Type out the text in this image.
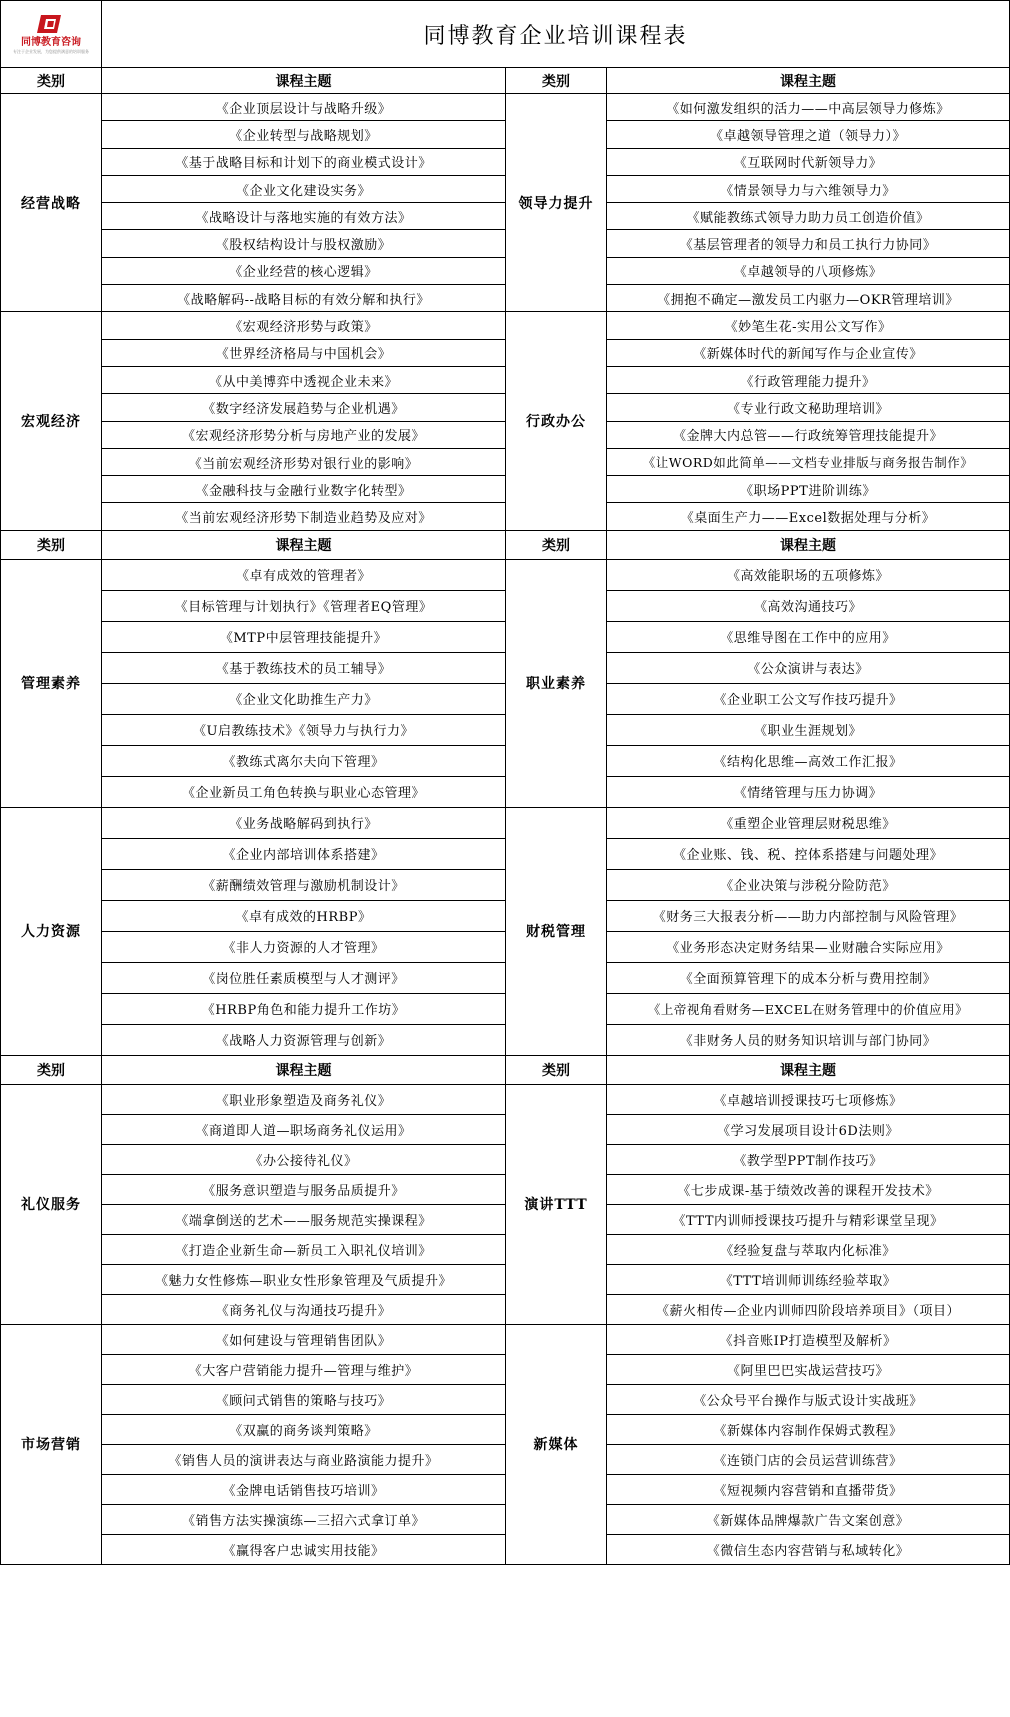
同博教育咨询
专注于企业发展，为您提供满意的培训服务	同博教育企业培训课程表		
类别	课程主题	类别	课程主题
经营战略	《企业顶层设计与战略升级》	领导力提升	《如何激发组织的活力——中高层领导力修炼》
	《企业转型与战略规划》		《卓越领导管理之道（领导力）》
	《基于战略目标和计划下的商业模式设计》		《互联网时代新领导力》
	《企业文化建设实务》		《情景领导力与六维领导力》
	《战略设计与落地实施的有效方法》		《赋能教练式领导力助力员工创造价值》
	《股权结构设计与股权激励》		《基层管理者的领导力和员工执行力协同》
	《企业经营的核心逻辑》		《卓越领导的八项修炼》
	《战略解码--战略目标的有效分解和执行》		《拥抱不确定—激发员工内驱力—OKR管理培训》
宏观经济	《宏观经济形势与政策》	行政办公	《妙笔生花-实用公文写作》
	《世界经济格局与中国机会》		《新媒体时代的新闻写作与企业宣传》
	《从中美博弈中透视企业未来》		《行政管理能力提升》
	《数字经济发展趋势与企业机遇》		《专业行政文秘助理培训》
	《宏观经济形势分析与房地产业的发展》		《金牌大内总管——行政统筹管理技能提升》
	《当前宏观经济形势对银行业的影响》		《让WORD如此简单——文档专业排版与商务报告制作》
	《金融科技与金融行业数字化转型》		《职场PPT进阶训练》
	《当前宏观经济形势下制造业趋势及应对》		《桌面生产力——Excel数据处理与分析》
类别	课程主题	类别	课程主题
管理素养	《卓有成效的管理者》	职业素养	《高效能职场的五项修炼》
	《目标管理与计划执行》《管理者EQ管理》		《高效沟通技巧》
	《MTP中层管理技能提升》		《思维导图在工作中的应用》
	《基于教练技术的员工辅导》		《公众演讲与表达》
	《企业文化助推生产力》		《企业职工公文写作技巧提升》
	《U启教练技术》《领导力与执行力》		《职业生涯规划》
	《教练式离尔夫向下管理》		《结构化思维—高效工作汇报》
	《企业新员工角色转换与职业心态管理》		《情绪管理与压力协调》
人力资源	《业务战略解码到执行》	财税管理	《重塑企业管理层财税思维》
	《企业内部培训体系搭建》		《企业账、钱、税、控体系搭建与问题处理》
	《薪酬绩效管理与激励机制设计》		《企业决策与涉税分险防范》
	《卓有成效的HRBP》		《财务三大报表分析——助力内部控制与风险管理》
	《非人力资源的人才管理》		《业务形态决定财务结果—业财融合实际应用》
	《岗位胜任素质模型与人才测评》		《全面预算管理下的成本分析与费用控制》
	《HRBP角色和能力提升工作坊》		《上帝视角看财务—EXCEL在财务管理中的价值应用》
	《战略人力资源管理与创新》		《非财务人员的财务知识培训与部门协同》
类别	课程主题	类别	课程主题
礼仪服务	《职业形象塑造及商务礼仪》	演讲TTT	《卓越培训授课技巧七项修炼》
	《商道即人道—职场商务礼仪运用》		《学习发展项目设计6D法则》
	《办公接待礼仪》		《教学型PPT制作技巧》
	《服务意识塑造与服务品质提升》		《七步成课-基于绩效改善的课程开发技术》
	《端拿倒送的艺术——服务规范实操课程》		《TTT内训师授课技巧提升与精彩课堂呈现》
	《打造企业新生命—新员工入职礼仪培训》		《经验复盘与萃取内化标准》
	《魅力女性修炼—职业女性形象管理及气质提升》		《TTT培训师训练经验萃取》
	《商务礼仪与沟通技巧提升》		《薪火相传—企业内训师四阶段培养项目》（项目）
市场营销	《如何建设与管理销售团队》	新媒体	《抖音账IP打造模型及解析》
	《大客户营销能力提升—管理与维护》		《阿里巴巴实战运营技巧》
	《顾问式销售的策略与技巧》		《公众号平台操作与版式设计实战班》
	《双赢的商务谈判策略》		《新媒体内容制作保姆式教程》
	《销售人员的演讲表达与商业路演能力提升》		《连锁门店的会员运营训练营》
	《金牌电话销售技巧培训》		《短视频内容营销和直播带货》
	《销售方法实操演练—三招六式拿订单》		《新媒体品牌爆款广告文案创意》
	《赢得客户忠诚实用技能》		《微信生态内容营销与私域转化》
